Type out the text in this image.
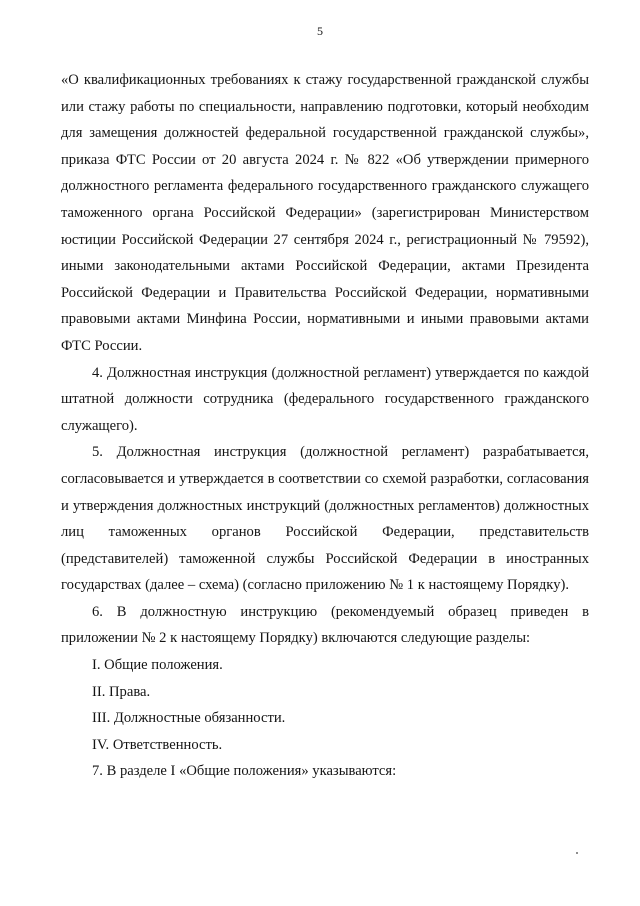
5

«О квалификационных требованиях к стажу государственной гражданской службы или стажу работы по специальности, направлению подготовки, который необходим для замещения должностей федеральной государственной гражданской службы», приказа ФТС России от 20 августа 2024 г. № 822 «Об утверждении примерного должностного регламента федерального государственного гражданского служащего таможенного органа Российской Федерации» (зарегистрирован Министерством юстиции Российской Федерации 27 сентября 2024 г., регистрационный № 79592), иными законодательными актами Российской Федерации, актами Президента Российской Федерации и Правительства Российской Федерации, нормативными правовыми актами Минфина России, нормативными и иными правовыми актами ФТС России.

4. Должностная инструкция (должностной регламент) утверждается по каждой штатной должности сотрудника (федерального государственного гражданского служащего).

5. Должностная инструкция (должностной регламент) разрабатывается, согласовывается и утверждается в соответствии со схемой разработки, согласования и утверждения должностных инструкций (должностных регламентов) должностных лиц таможенных органов Российской Федерации, представительств (представителей) таможенной службы Российской Федерации в иностранных государствах (далее – схема) (согласно приложению № 1 к настоящему Порядку).

6. В должностную инструкцию (рекомендуемый образец приведен в приложении № 2 к настоящему Порядку) включаются следующие разделы:

I. Общие положения.

II. Права.

III. Должностные обязанности.

IV. Ответственность.

7. В разделе I «Общие положения» указываются:
